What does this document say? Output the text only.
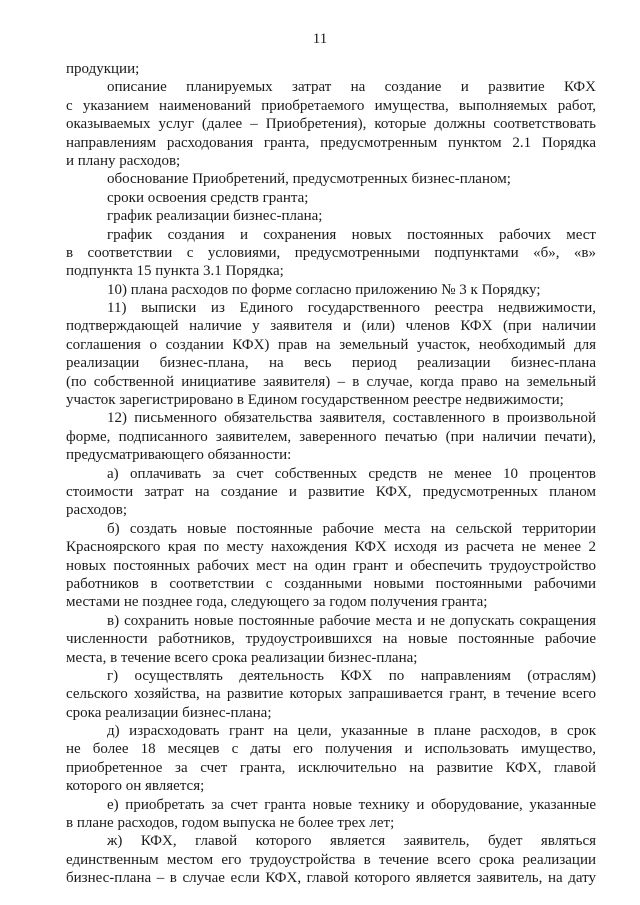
11
продукции;
описание планируемых затрат на создание и развитие КФХ
с указанием наименований приобретаемого имущества, выполняемых работ,
оказываемых услуг (далее – Приобретения), которые должны соответствовать
направлениям расходования гранта, предусмотренным пунктом 2.1 Порядка
и плану расходов;
обоснование Приобретений, предусмотренных бизнес-планом;
сроки освоения средств гранта;
график реализации бизнес-плана;
график создания и сохранения новых постоянных рабочих мест
в соответствии с условиями, предусмотренными подпунктами «б», «в»
подпункта 15 пункта 3.1 Порядка;
10) плана расходов по форме согласно приложению № 3 к Порядку;
11) выписки из Единого государственного реестра недвижимости,
подтверждающей наличие у заявителя и (или) членов КФХ (при наличии
соглашения о создании КФХ) прав на земельный участок, необходимый для
реализации бизнес-плана, на весь период реализации бизнес-плана
(по собственной инициативе заявителя) – в случае, когда право на земельный
участок зарегистрировано в Едином государственном реестре недвижимости;
12) письменного обязательства заявителя, составленного в произвольной
форме, подписанного заявителем, заверенного печатью (при наличии печати),
предусматривающего обязанности:
а) оплачивать за счет собственных средств не менее 10 процентов
стоимости затрат на создание и развитие КФХ, предусмотренных планом
расходов;
б) создать новые постоянные рабочие места на сельской территории
Красноярского края по месту нахождения КФХ исходя из расчета не менее 2
новых постоянных рабочих мест на один грант и обеспечить трудоустройство
работников в соответствии с созданными новыми постоянными рабочими
местами не позднее года, следующего за годом получения гранта;
в) сохранить новые постоянные рабочие места и не допускать сокращения
численности работников, трудоустроившихся на новые постоянные рабочие
места, в течение всего срока реализации бизнес-плана;
г) осуществлять деятельность КФХ по направлениям (отраслям)
сельского хозяйства, на развитие которых запрашивается грант, в течение всего
срока реализации бизнес-плана;
д) израсходовать грант на цели, указанные в плане расходов, в срок
не более 18 месяцев с даты его получения и использовать имущество,
приобретенное за счет гранта, исключительно на развитие КФХ, главой
которого он является;
е) приобретать за счет гранта новые технику и оборудование, указанные
в плане расходов, годом выпуска не более трех лет;
ж) КФХ, главой которого является заявитель, будет являться
единственным местом его трудоустройства в течение всего срока реализации
бизнес-плана – в случае если КФХ, главой которого является заявитель, на дату
